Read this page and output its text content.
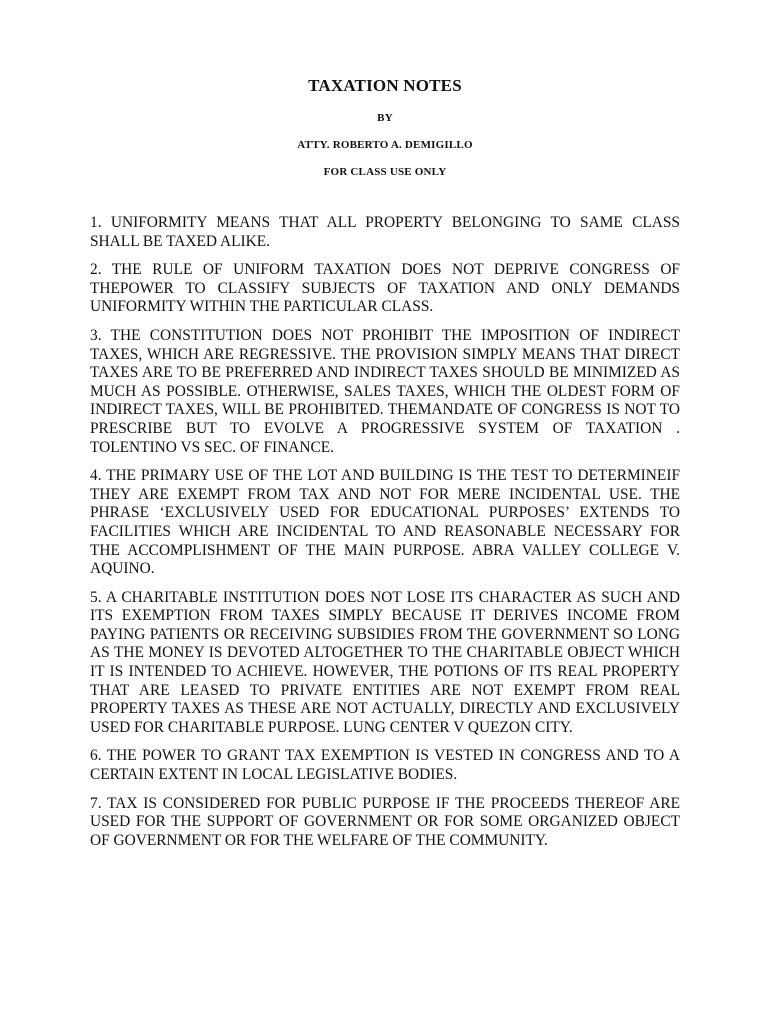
TAXATION NOTES
BY
ATTY. ROBERTO A. DEMIGILLO
FOR CLASS USE ONLY

1. UNIFORMITY MEANS THAT ALL PROPERTY BELONGING TO SAME CLASS SHALL BE TAXED ALIKE.

2. THE RULE OF UNIFORM TAXATION DOES NOT DEPRIVE CONGRESS OF THEPOWER TO CLASSIFY SUBJECTS OF TAXATION AND ONLY DEMANDS UNIFORMITY WITHIN THE PARTICULAR CLASS.

3. THE CONSTITUTION DOES NOT PROHIBIT THE IMPOSITION OF INDIRECT TAXES, WHICH ARE REGRESSIVE. THE PROVISION SIMPLY MEANS THAT DIRECT TAXES ARE TO BE PREFERRED AND INDIRECT TAXES SHOULD BE MINIMIZED AS MUCH AS POSSIBLE. OTHERWISE, SALES TAXES, WHICH THE OLDEST FORM OF INDIRECT TAXES, WILL BE PROHIBITED. THEMANDATE OF CONGRESS IS NOT TO PRESCRIBE BUT TO EVOLVE A PROGRESSIVE SYSTEM OF TAXATION . TOLENTINO VS SEC. OF FINANCE.

4. THE PRIMARY USE OF THE LOT AND BUILDING IS THE TEST TO DETERMINEIF THEY ARE EXEMPT FROM TAX AND NOT FOR MERE INCIDENTAL USE. THE PHRASE ‘EXCLUSIVELY USED FOR EDUCATIONAL PURPOSES’ EXTENDS TO FACILITIES WHICH ARE INCIDENTAL TO AND REASONABLE NECESSARY FOR THE ACCOMPLISHMENT OF THE MAIN PURPOSE. ABRA VALLEY COLLEGE V. AQUINO.

5. A CHARITABLE INSTITUTION DOES NOT LOSE ITS CHARACTER AS SUCH AND ITS EXEMPTION FROM TAXES SIMPLY BECAUSE IT DERIVES INCOME FROM PAYING PATIENTS OR RECEIVING SUBSIDIES FROM THE GOVERNMENT SO LONG AS THE MONEY IS DEVOTED ALTOGETHER TO THE CHARITABLE OBJECT WHICH IT IS INTENDED TO ACHIEVE. HOWEVER, THE POTIONS OF ITS REAL PROPERTY THAT ARE LEASED TO PRIVATE ENTITIES ARE NOT EXEMPT FROM REAL PROPERTY TAXES AS THESE ARE NOT ACTUALLY, DIRECTLY AND EXCLUSIVELY USED FOR CHARITABLE PURPOSE. LUNG CENTER V QUEZON CITY.

6. THE POWER TO GRANT TAX EXEMPTION IS VESTED IN CONGRESS AND TO A CERTAIN EXTENT IN LOCAL LEGISLATIVE BODIES.

7. TAX IS CONSIDERED FOR PUBLIC PURPOSE IF THE PROCEEDS THEREOF ARE USED FOR THE SUPPORT OF GOVERNMENT OR FOR SOME ORGANIZED OBJECT OF GOVERNMENT OR FOR THE WELFARE OF THE COMMUNITY.
